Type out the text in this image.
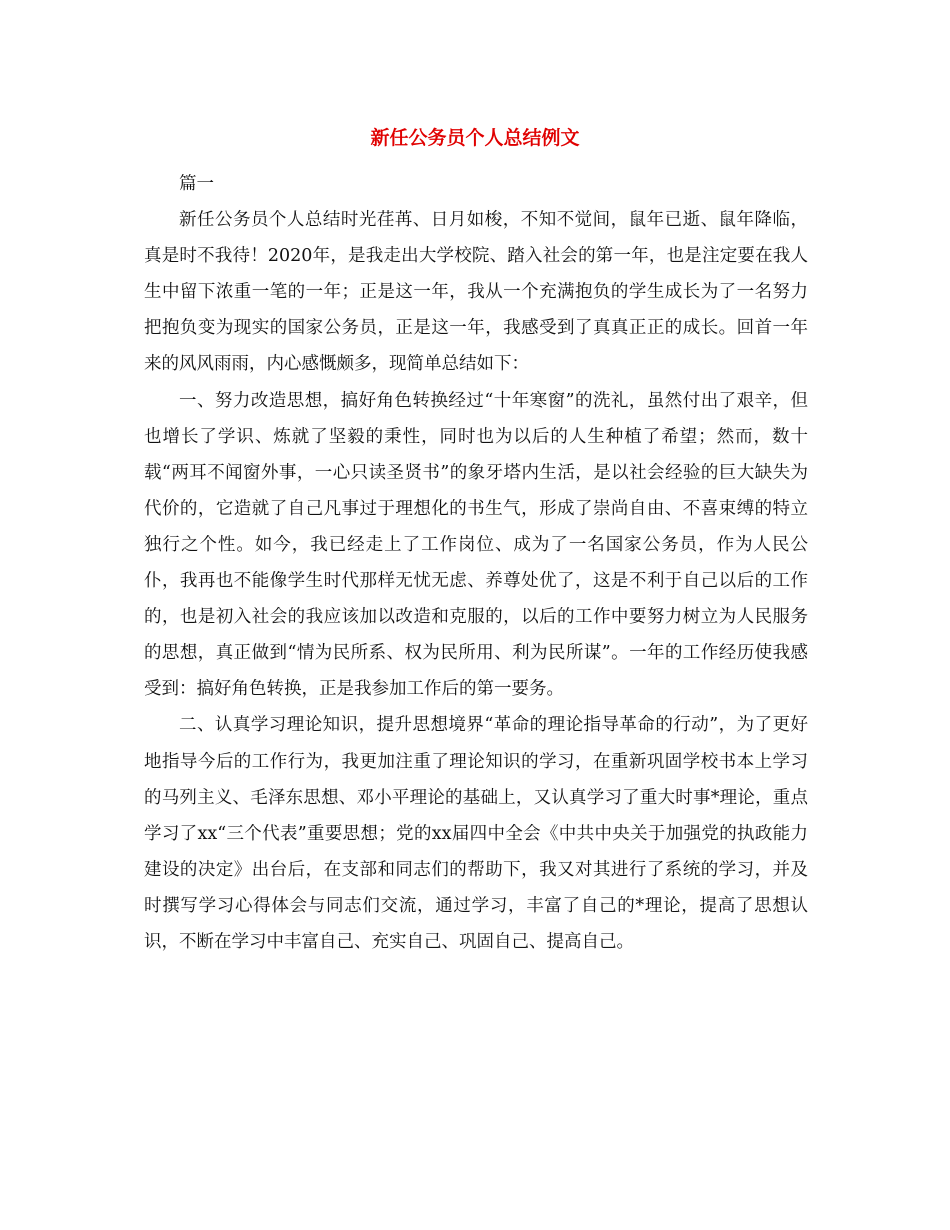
新任公务员个人总结例文

篇一

新任公务员个人总结时光荏苒、日月如梭，不知不觉间，鼠年已逝、鼠年降临，真是时不我待！2020年，是我走出大学校院、踏入社会的第一年，也是注定要在我人生中留下浓重一笔的一年；正是这一年，我从一个充满抱负的学生成长为了一名努力把抱负变为现实的国家公务员，正是这一年，我感受到了真真正正的成长。回首一年来的风风雨雨，内心感慨颇多，现简单总结如下：

一、努力改造思想，搞好角色转换经过“十年寒窗”的洗礼，虽然付出了艰辛，但也增长了学识、炼就了坚毅的秉性，同时也为以后的人生种植了希望；然而，数十载“两耳不闻窗外事，一心只读圣贤书”的象牙塔内生活，是以社会经验的巨大缺失为代价的，它造就了自己凡事过于理想化的书生气，形成了崇尚自由、不喜束缚的特立独行之个性。如今，我已经走上了工作岗位、成为了一名国家公务员，作为人民公仆，我再也不能像学生时代那样无忧无虑、养尊处优了，这是不利于自己以后的工作的，也是初入社会的我应该加以改造和克服的，以后的工作中要努力树立为人民服务的思想，真正做到“情为民所系、权为民所用、利为民所谋”。一年的工作经历使我感受到：搞好角色转换，正是我参加工作后的第一要务。

二、认真学习理论知识，提升思想境界“革命的理论指导革命的行动”，为了更好地指导今后的工作行为，我更加注重了理论知识的学习，在重新巩固学校书本上学习的马列主义、毛泽东思想、邓小平理论的基础上，又认真学习了重大时事*理论，重点学习了xx“三个代表”重要思想；党的xx届四中全会《中共中央关于加强党的执政能力建设的决定》出台后，在支部和同志们的帮助下，我又对其进行了系统的学习，并及时撰写学习心得体会与同志们交流，通过学习，丰富了自己的*理论，提高了思想认识，不断在学习中丰富自己、充实自己、巩固自己、提高自己。
